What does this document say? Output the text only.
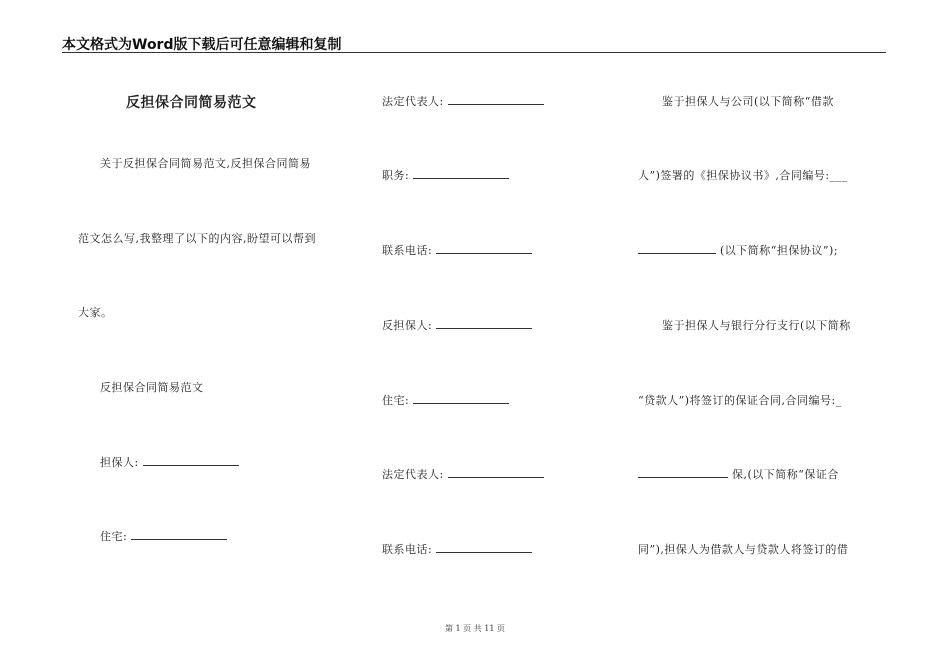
本文格式为Word版下载后可任意编辑和复制
反担保合同简易范文
关于反担保合同简易范文,反担保合同简易
范文怎么写,我整理了以下的内容,盼望可以帮到
大家。
反担保合同简易范文
担保人:
住宅:
法定代表人:
职务:
联系电话:
反担保人:
住宅:
法定代表人:
联系电话:
鉴于担保人与公司(以下简称“借款
人”)签署的《担保协议书》,合同编号:___
(以下简称“担保协议”);
鉴于担保人与银行分行支行(以下简称
“贷款人”)将签订的保证合同,合同编号:_
保,(以下简称“保证合
同”),担保人为借款人与贷款人将签订的借
第 1 页 共 11 页
